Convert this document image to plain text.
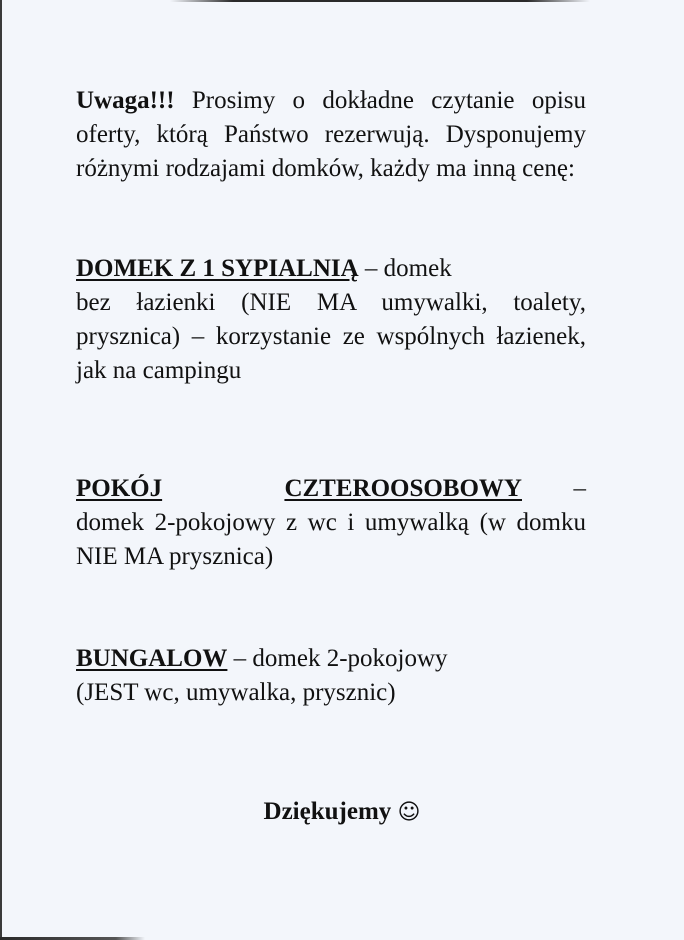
Uwaga!!! Prosimy o dokładne czytanie opisu oferty, którą Państwo rezerwują. Dysponujemy różnymi rodzajami domków, każdy ma inną cenę:

DOMEK Z 1 SYPIALNIĄ – domek

bez łazienki (NIE MA umywalki, toalety, prysznica) – korzystanie ze wspólnych łazienek, jak na campingu

POKÓJ	CZTEROOSOBOWY –

domek 2-pokojowy z wc i umywalką (w domku NIE MA prysznica)

BUNGALOW – domek 2-pokojowy

(JEST wc, umywalka, prysznic)

Dziękujemy ☺
